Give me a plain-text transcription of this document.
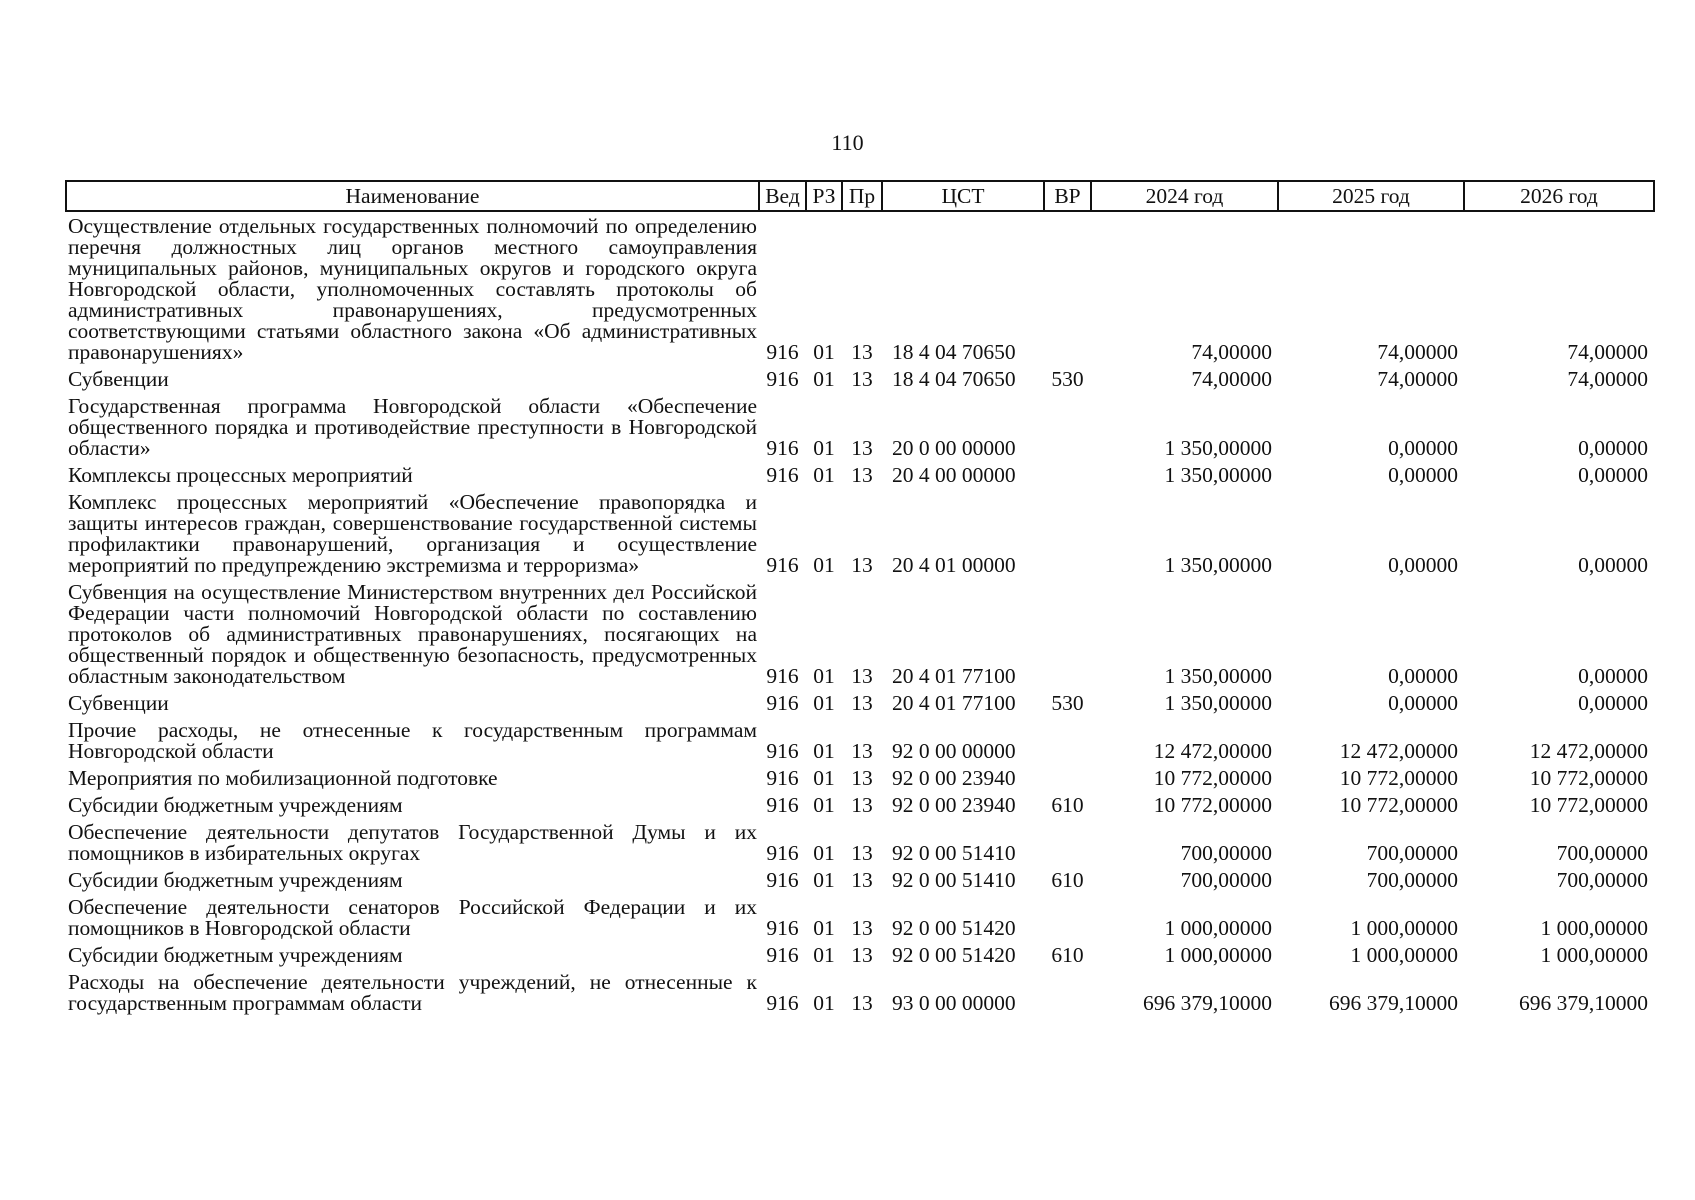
110
Наименование	Вед	РЗ	Пр	ЦСТ	ВР	2024 год	2025 год	2026 год
Осуществление отдельных государственных полномочий по определению перечня должностных лиц органов местного самоуправления муниципальных районов, муниципальных округов и городского округа Новгородской области, уполномоченных составлять протоколы об административных правонарушениях, предусмотренных соответствующими статьями областного закона «Об административных правонарушениях»	916	01	13	18 4 04 70650		74,00000	74,00000	74,00000
Субвенции	916	01	13	18 4 04 70650	530	74,00000	74,00000	74,00000
Государственная программа Новгородской области «Обеспечение общественного порядка и противодействие преступности в Новгородской области»	916	01	13	20 0 00 00000		1 350,00000	0,00000	0,00000
Комплексы процессных мероприятий	916	01	13	20 4 00 00000		1 350,00000	0,00000	0,00000
Комплекс процессных мероприятий «Обеспечение правопорядка и защиты интересов граждан, совершенствование государственной системы профилактики правонарушений, организация и осуществление мероприятий по предупреждению экстремизма и терроризма»	916	01	13	20 4 01 00000		1 350,00000	0,00000	0,00000
Субвенция на осуществление Министерством внутренних дел Российской Федерации части полномочий Новгородской области по составлению протоколов об административных правонарушениях, посягающих на общественный порядок и общественную безопасность, предусмотренных областным законодательством	916	01	13	20 4 01 77100		1 350,00000	0,00000	0,00000
Субвенции	916	01	13	20 4 01 77100	530	1 350,00000	0,00000	0,00000
Прочие расходы, не отнесенные к государственным программам Новгородской области	916	01	13	92 0 00 00000		12 472,00000	12 472,00000	12 472,00000
Мероприятия по мобилизационной подготовке	916	01	13	92 0 00 23940		10 772,00000	10 772,00000	10 772,00000
Субсидии бюджетным учреждениям	916	01	13	92 0 00 23940	610	10 772,00000	10 772,00000	10 772,00000
Обеспечение деятельности депутатов Государственной Думы и их помощников в избирательных округах	916	01	13	92 0 00 51410		700,00000	700,00000	700,00000
Субсидии бюджетным учреждениям	916	01	13	92 0 00 51410	610	700,00000	700,00000	700,00000
Обеспечение деятельности сенаторов Российской Федерации и их помощников в Новгородской области	916	01	13	92 0 00 51420		1 000,00000	1 000,00000	1 000,00000
Субсидии бюджетным учреждениям	916	01	13	92 0 00 51420	610	1 000,00000	1 000,00000	1 000,00000
Расходы на обеспечение деятельности учреждений, не отнесенные к государственным программам области	916	01	13	93 0 00 00000		696 379,10000	696 379,10000	696 379,10000
